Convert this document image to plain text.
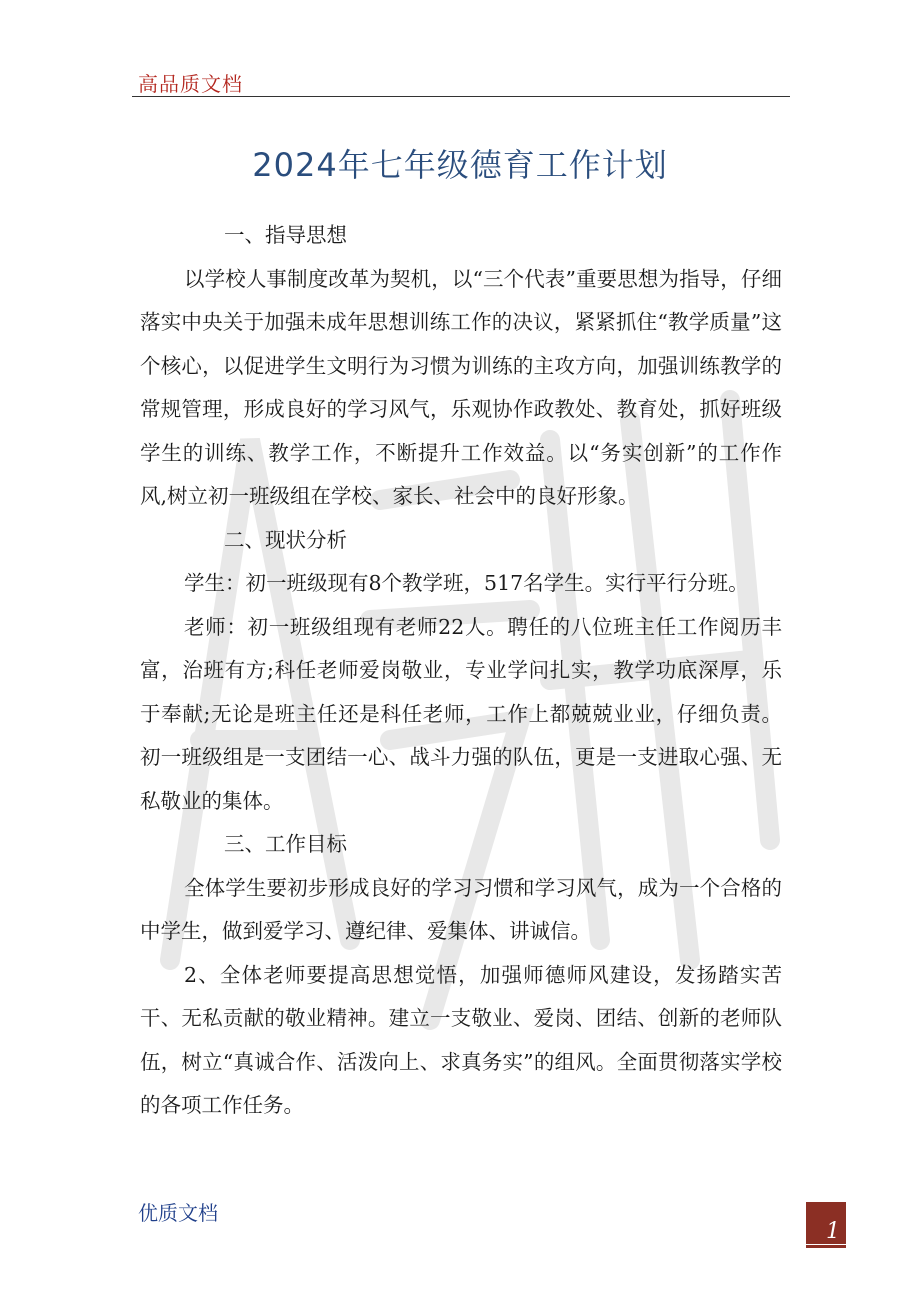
高品质文档
2024年七年级德育工作计划

一、指导思想

以学校人事制度改革为契机，以“三个代表”重要思想为指导，仔细落实中央关于加强未成年思想训练工作的决议，紧紧抓住“教学质量”这个核心，以促进学生文明行为习惯为训练的主攻方向，加强训练教学的常规管理，形成良好的学习风气，乐观协作政教处、教育处，抓好班级学生的训练、教学工作，不断提升工作效益。以“务实创新”的工作作风,树立初一班级组在学校、家长、社会中的良好形象。

二、现状分析

学生：初一班级现有8个教学班，517名学生。实行平行分班。

老师：初一班级组现有老师22人。聘任的八位班主任工作阅历丰富，治班有方;科任老师爱岗敬业，专业学问扎实，教学功底深厚，乐于奉献;无论是班主任还是科任老师，工作上都兢兢业业，仔细负责。初一班级组是一支团结一心、战斗力强的队伍，更是一支进取心强、无私敬业的集体。

三、工作目标

全体学生要初步形成良好的学习习惯和学习风气，成为一个合格的中学生，做到爱学习、遵纪律、爱集体、讲诚信。

2、全体老师要提高思想觉悟，加强师德师风建设，发扬踏实苦干、无私贡献的敬业精神。建立一支敬业、爱岗、团结、创新的老师队伍，树立“真诚合作、活泼向上、求真务实”的组风。全面贯彻落实学校的各项工作任务。

优质文档
1
